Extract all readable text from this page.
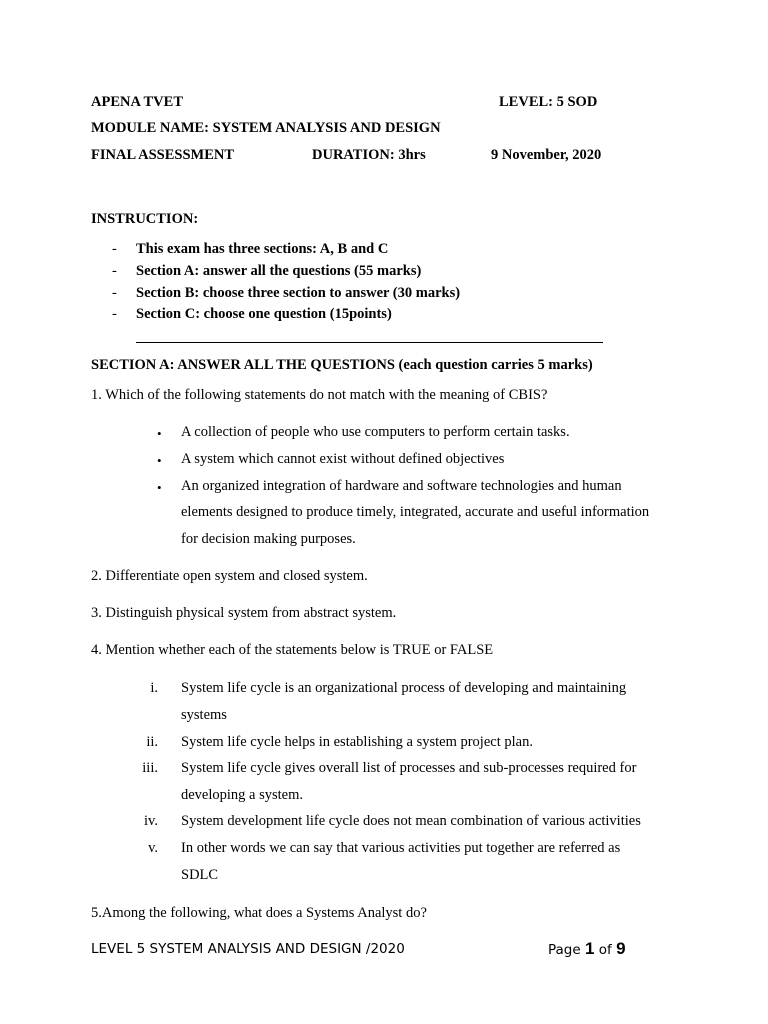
APENA TVET	LEVEL: 5 SOD
MODULE NAME: SYSTEM ANALYSIS AND DESIGN
FINAL ASSESSMENT	DURATION: 3hrs	9 November, 2020
INSTRUCTION:
- This exam has three sections: A, B and C
- Section A: answer all the questions (55 marks)
- Section B: choose three section to answer (30 marks)
- Section C: choose one question (15points)
SECTION A: ANSWER ALL THE QUESTIONS (each question carries 5 marks)
1. Which of the following statements do not match with the meaning of CBIS?
• A collection of people who use computers to perform certain tasks.
• A system which cannot exist without defined objectives
• An organized integration of hardware and software technologies and human
elements designed to produce timely, integrated, accurate and useful information
for decision making purposes.
2. Differentiate open system and closed system.
3. Distinguish physical system from abstract system.
4. Mention whether each of the statements below is TRUE or FALSE
i. System life cycle is an organizational process of developing and maintaining
systems
ii. System life cycle helps in establishing a system project plan.
iii. System life cycle gives overall list of processes and sub-processes required for
developing a system.
iv. System development life cycle does not mean combination of various activities
v. In other words we can say that various activities put together are referred as
SDLC
5.Among the following, what does a Systems Analyst do?
LEVEL 5 SYSTEM ANALYSIS AND DESIGN /2020	Page 1 of 9
